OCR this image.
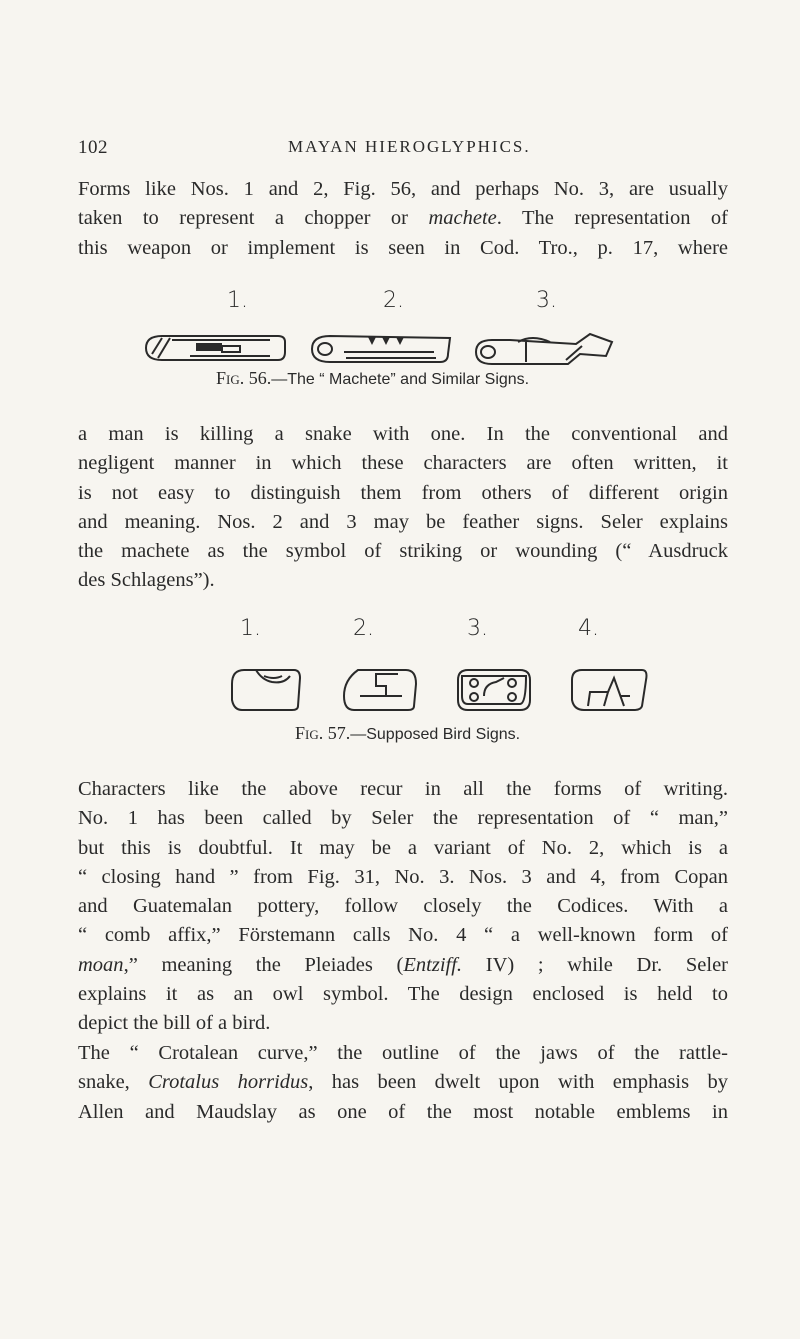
102	MAYAN HIEROGLYPHICS.
Forms like Nos. 1 and 2, Fig. 56, and perhaps No. 3, are usually
taken to represent a chopper or machete. The representation of
this weapon or implement is seen in Cod. Tro., p. 17, where
1.	2.	3.
Fig. 56.—The “ Machete” and Similar Signs.
a man is killing a snake with one. In the conventional and
negligent manner in which these characters are often written, it
is not easy to distinguish them from others of different origin
and meaning. Nos. 2 and 3 may be feather signs. Seler explains
the machete as the symbol of striking or wounding (“ Ausdruck
des Schlagens”).
1.	2.	3.	4.
Fig. 57.—Supposed Bird Signs.
Characters like the above recur in all the forms of writing.
No. 1 has been called by Seler the representation of “ man,”
but this is doubtful. It may be a variant of No. 2, which is a
“ closing hand ” from Fig. 31, No. 3. Nos. 3 and 4, from Copan
and Guatemalan pottery, follow closely the Codices. With a
“ comb affix,” Förstemann calls No. 4 “ a well-known form of
moan,” meaning the Pleiades (Entziff. IV) ; while Dr. Seler
explains it as an owl symbol. The design enclosed is held to
depict the bill of a bird.
The “ Crotalean curve,” the outline of the jaws of the rattle-
snake, Crotalus horridus, has been dwelt upon with emphasis by
Allen and Maudslay as one of the most notable emblems in
